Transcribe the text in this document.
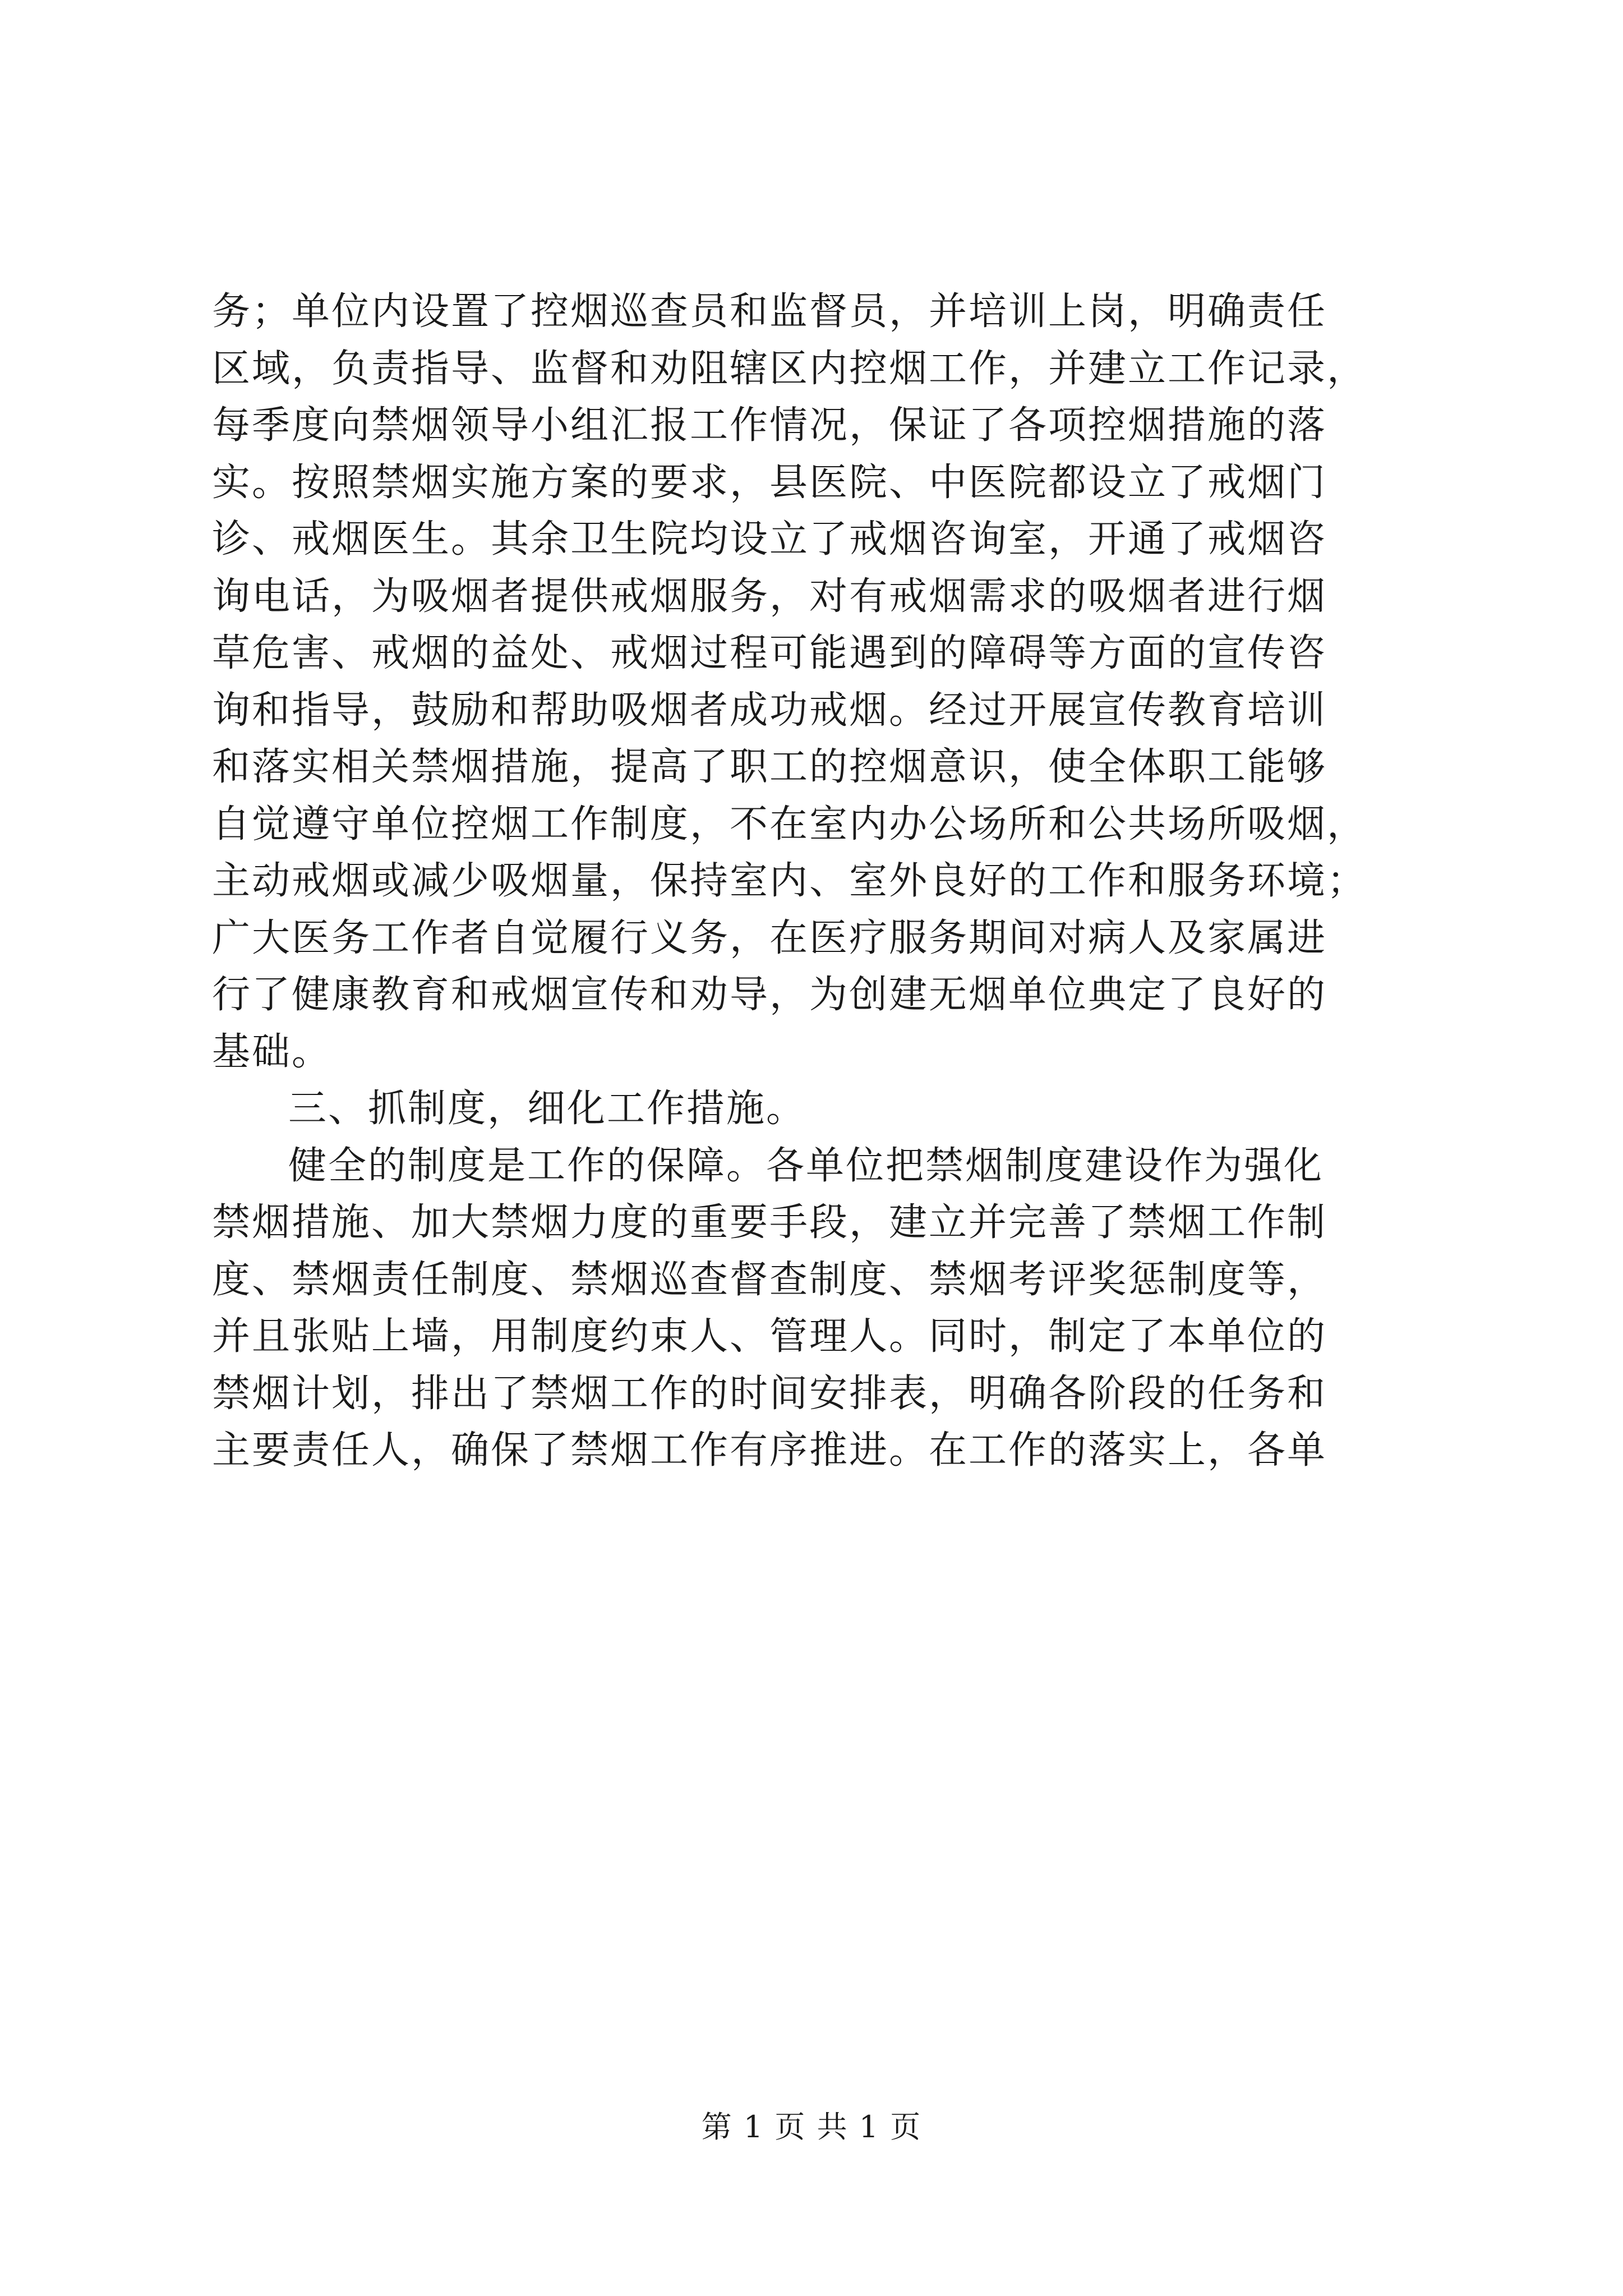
务；单位内设置了控烟巡查员和监督员，并培训上岗，明确责任
区域，负责指导、监督和劝阻辖区内控烟工作，并建立工作记录，
每季度向禁烟领导小组汇报工作情况，保证了各项控烟措施的落
实。按照禁烟实施方案的要求，县医院、中医院都设立了戒烟门
诊、戒烟医生。其余卫生院均设立了戒烟咨询室，开通了戒烟咨
询电话，为吸烟者提供戒烟服务，对有戒烟需求的吸烟者进行烟
草危害、戒烟的益处、戒烟过程可能遇到的障碍等方面的宣传咨
询和指导，鼓励和帮助吸烟者成功戒烟。经过开展宣传教育培训
和落实相关禁烟措施，提高了职工的控烟意识，使全体职工能够
自觉遵守单位控烟工作制度，不在室内办公场所和公共场所吸烟，
主动戒烟或减少吸烟量，保持室内、室外良好的工作和服务环境；
广大医务工作者自觉履行义务，在医疗服务期间对病人及家属进
行了健康教育和戒烟宣传和劝导，为创建无烟单位典定了良好的
基础。
三、抓制度，细化工作措施。
健全的制度是工作的保障。各单位把禁烟制度建设作为强化
禁烟措施、加大禁烟力度的重要手段，建立并完善了禁烟工作制
度、禁烟责任制度、禁烟巡查督查制度、禁烟考评奖惩制度等，
并且张贴上墙，用制度约束人、管理人。同时，制定了本单位的
禁烟计划，排出了禁烟工作的时间安排表，明确各阶段的任务和
主要责任人，确保了禁烟工作有序推进。在工作的落实上，各单
第 1 页 共 1 页
